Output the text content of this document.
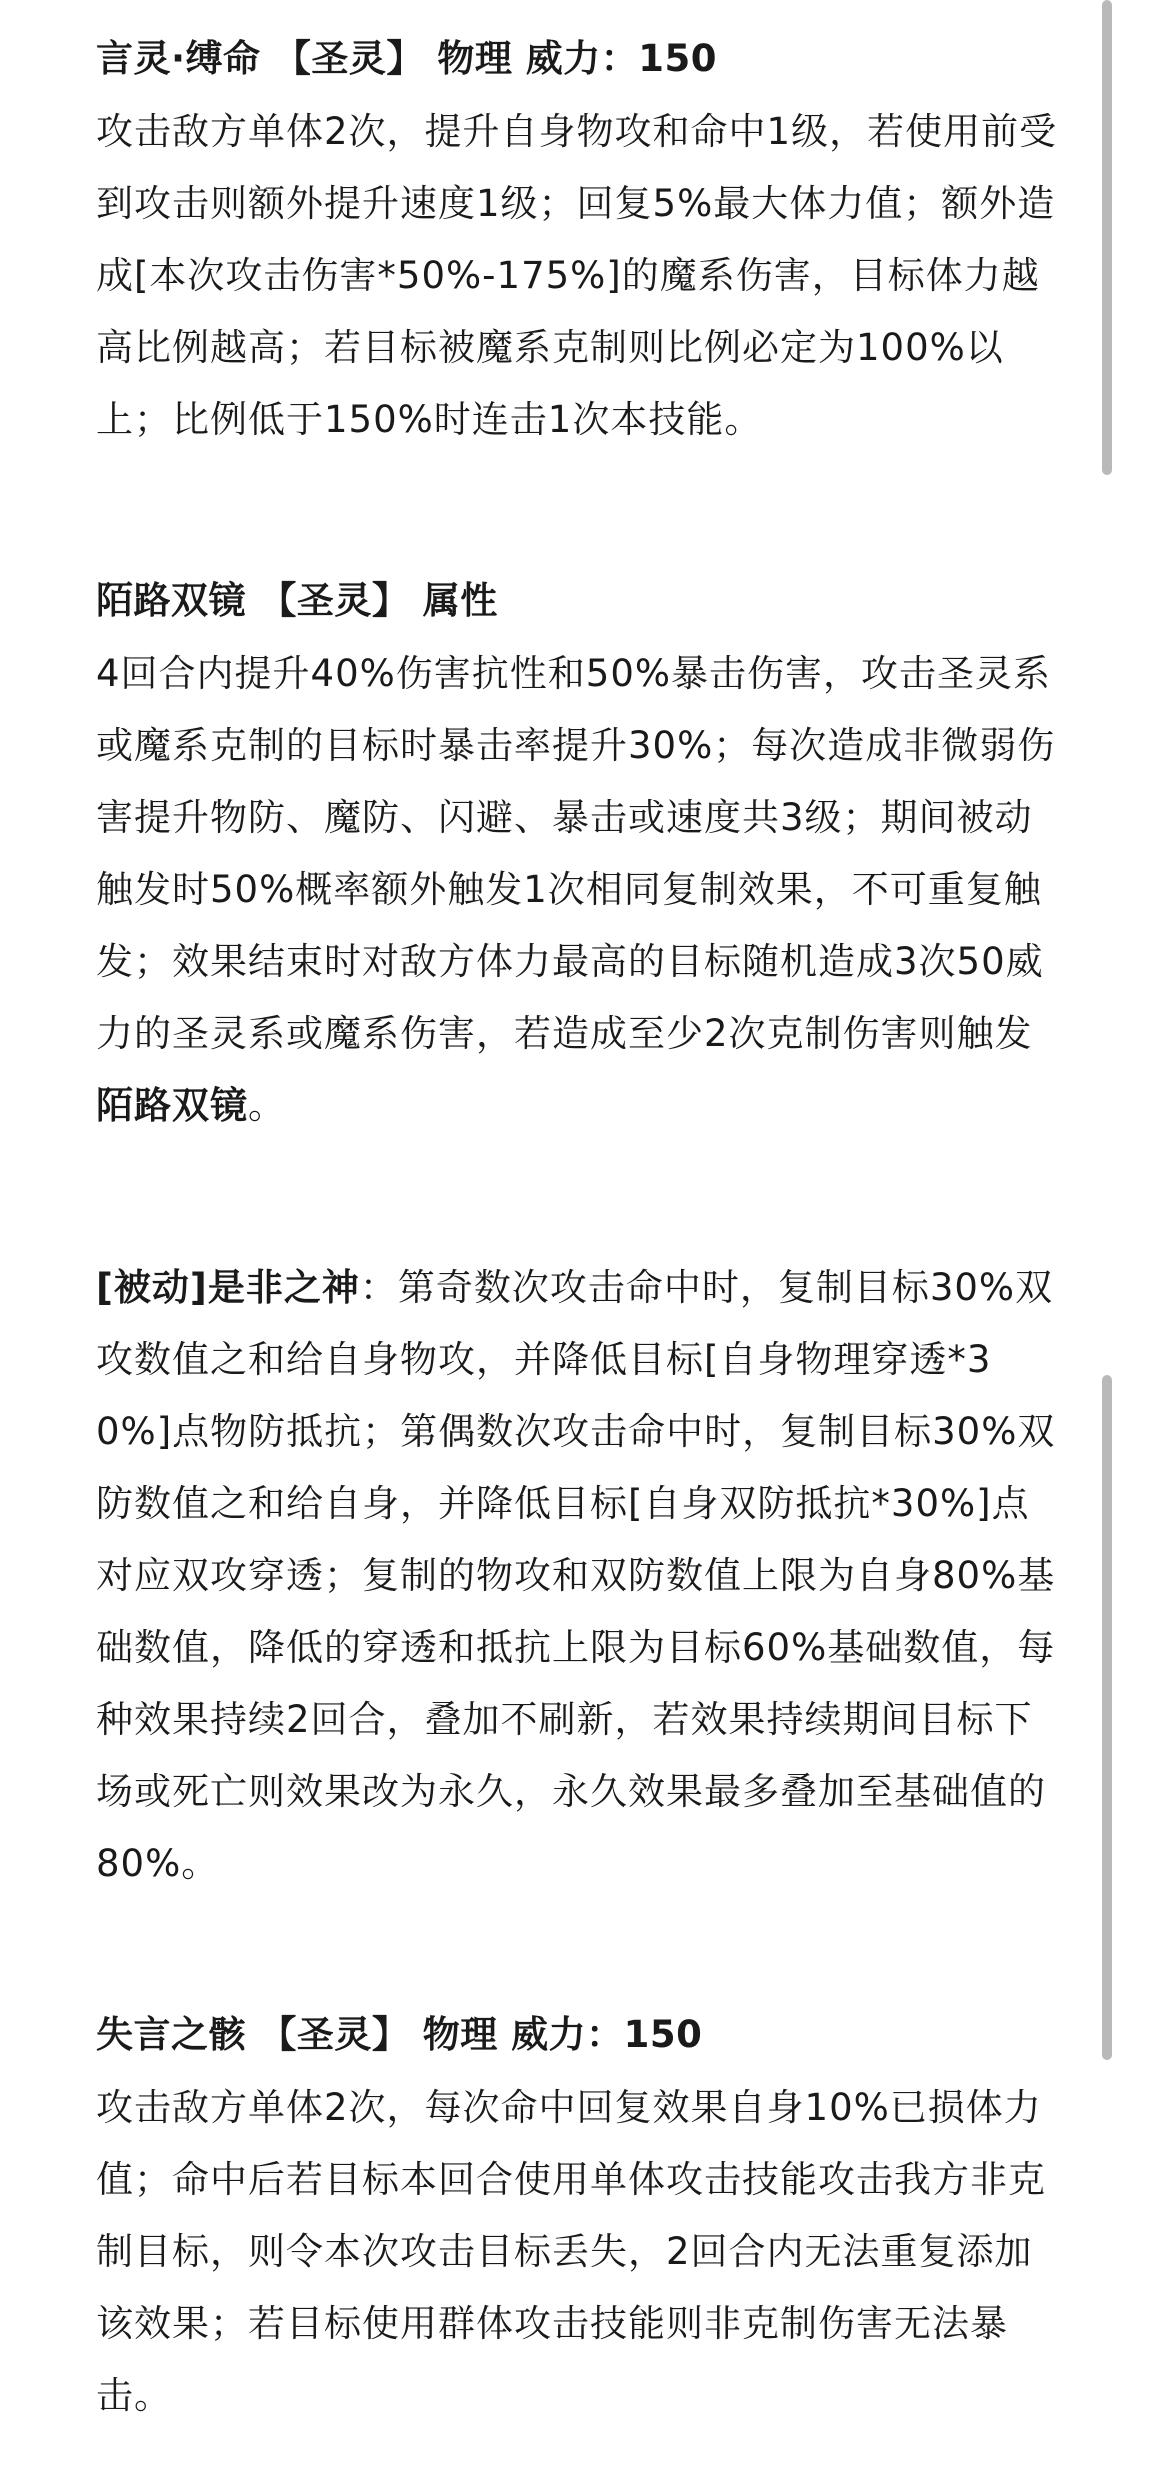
言灵·缚命 【圣灵】 物理 威力：150

攻击敌方单体2次，提升自身物攻和命中1级，若使用前受到攻击则额外提升速度1级；回复5%最大体力值；额外造成[本次攻击伤害*50%-175%]的魔系伤害，目标体力越高比例越高；若目标被魔系克制则比例必定为100%以上；比例低于150%时连击1次本技能。

陌路双镜 【圣灵】 属性

4回合内提升40%伤害抗性和50%暴击伤害，攻击圣灵系或魔系克制的目标时暴击率提升30%；每次造成非微弱伤害提升物防、魔防、闪避、暴击或速度共3级；期间被动触发时50%概率额外触发1次相同复制效果，不可重复触发；效果结束时对敌方体力最高的目标随机造成3次50威力的圣灵系或魔系伤害，若造成至少2次克制伤害则触发陌路双镜。

[被动]是非之神：第奇数次攻击命中时，复制目标30%双攻数值之和给自身物攻，并降低目标[自身物理穿透*30%]点物防抵抗；第偶数次攻击命中时，复制目标30%双防数值之和给自身，并降低目标[自身双防抵抗*30%]点对应双攻穿透；复制的物攻和双防数值上限为自身80%基础数值，降低的穿透和抵抗上限为目标60%基础数值，每种效果持续2回合，叠加不刷新，若效果持续期间目标下场或死亡则效果改为永久，永久效果最多叠加至基础值的80%。

失言之骸 【圣灵】 物理 威力：150

攻击敌方单体2次，每次命中回复效果自身10%已损体力值；命中后若目标本回合使用单体攻击技能攻击我方非克制目标，则令本次攻击目标丢失，2回合内无法重复添加该效果；若目标使用群体攻击技能则非克制伤害无法暴击。
